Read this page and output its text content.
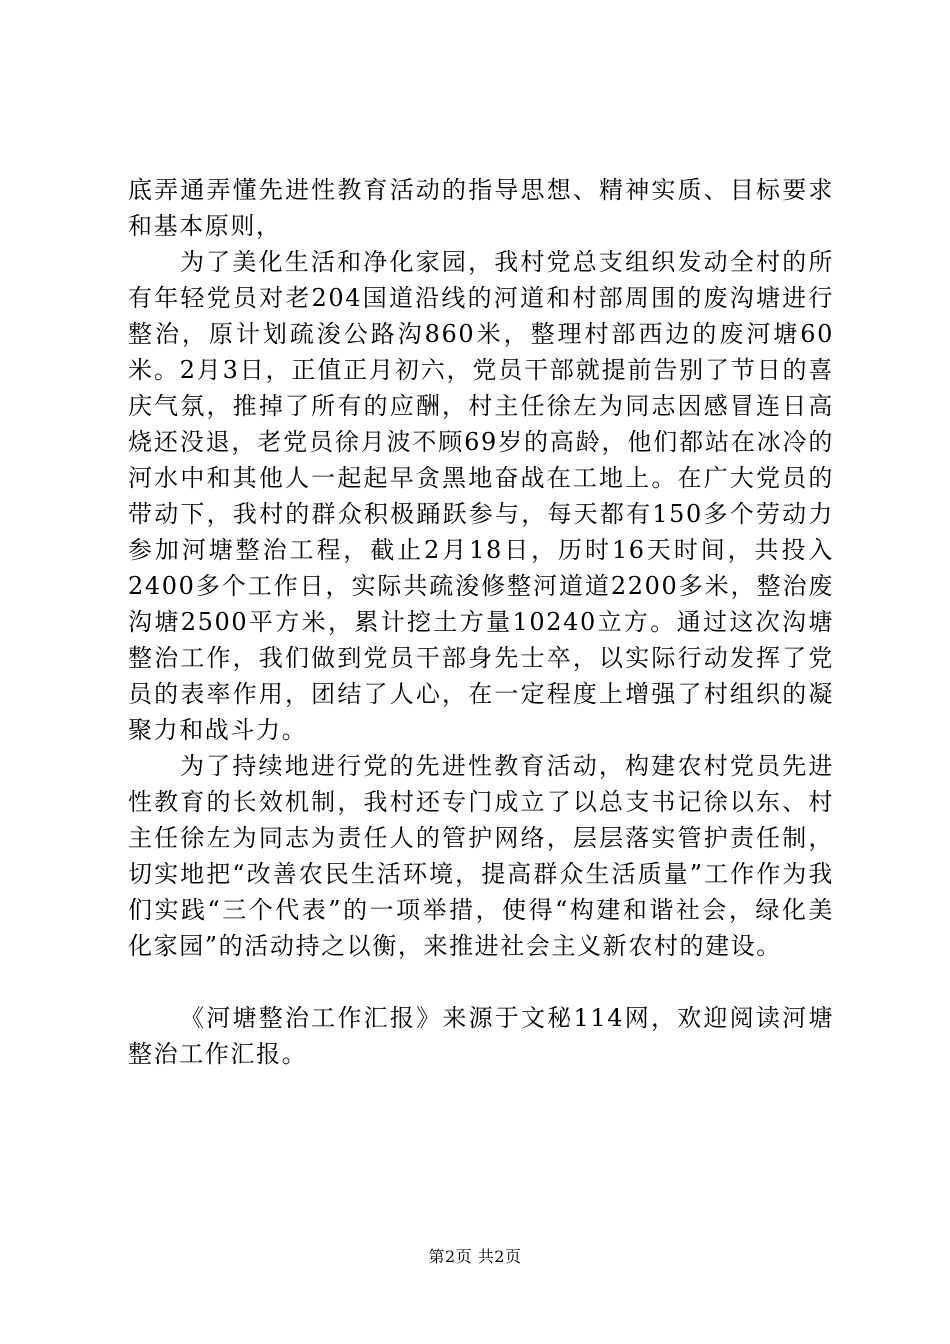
底弄通弄懂先进性教育活动的指导思想、精神实质、目标要求和基本原则，

为了美化生活和净化家园，我村党总支组织发动全村的所有年轻党员对老204国道沿线的河道和村部周围的废沟塘进行整治，原计划疏浚公路沟860米，整理村部西边的废河塘60米。2月3日，正值正月初六，党员干部就提前告别了节日的喜庆气氛，推掉了所有的应酬，村主任徐左为同志因感冒连日高烧还没退，老党员徐月波不顾69岁的高龄，他们都站在冰冷的河水中和其他人一起起早贪黑地奋战在工地上。在广大党员的带动下，我村的群众积极踊跃参与，每天都有150多个劳动力参加河塘整治工程，截止2月18日，历时16天时间，共投入2400多个工作日，实际共疏浚修整河道道2200多米，整治废沟塘2500平方米，累计挖土方量10240立方。通过这次沟塘整治工作，我们做到党员干部身先士卒，以实际行动发挥了党员的表率作用，团结了人心，在一定程度上增强了村组织的凝聚力和战斗力。

为了持续地进行党的先进性教育活动，构建农村党员先进性教育的长效机制，我村还专门成立了以总支书记徐以东、村主任徐左为同志为责任人的管护网络，层层落实管护责任制，切实地把“改善农民生活环境，提高群众生活质量”工作作为我们实践“三个代表”的一项举措，使得“构建和谐社会，绿化美化家园”的活动持之以衡，来推进社会主义新农村的建设。

《河塘整治工作汇报》来源于文秘114网，欢迎阅读河塘整治工作汇报。

第2页 共2页
